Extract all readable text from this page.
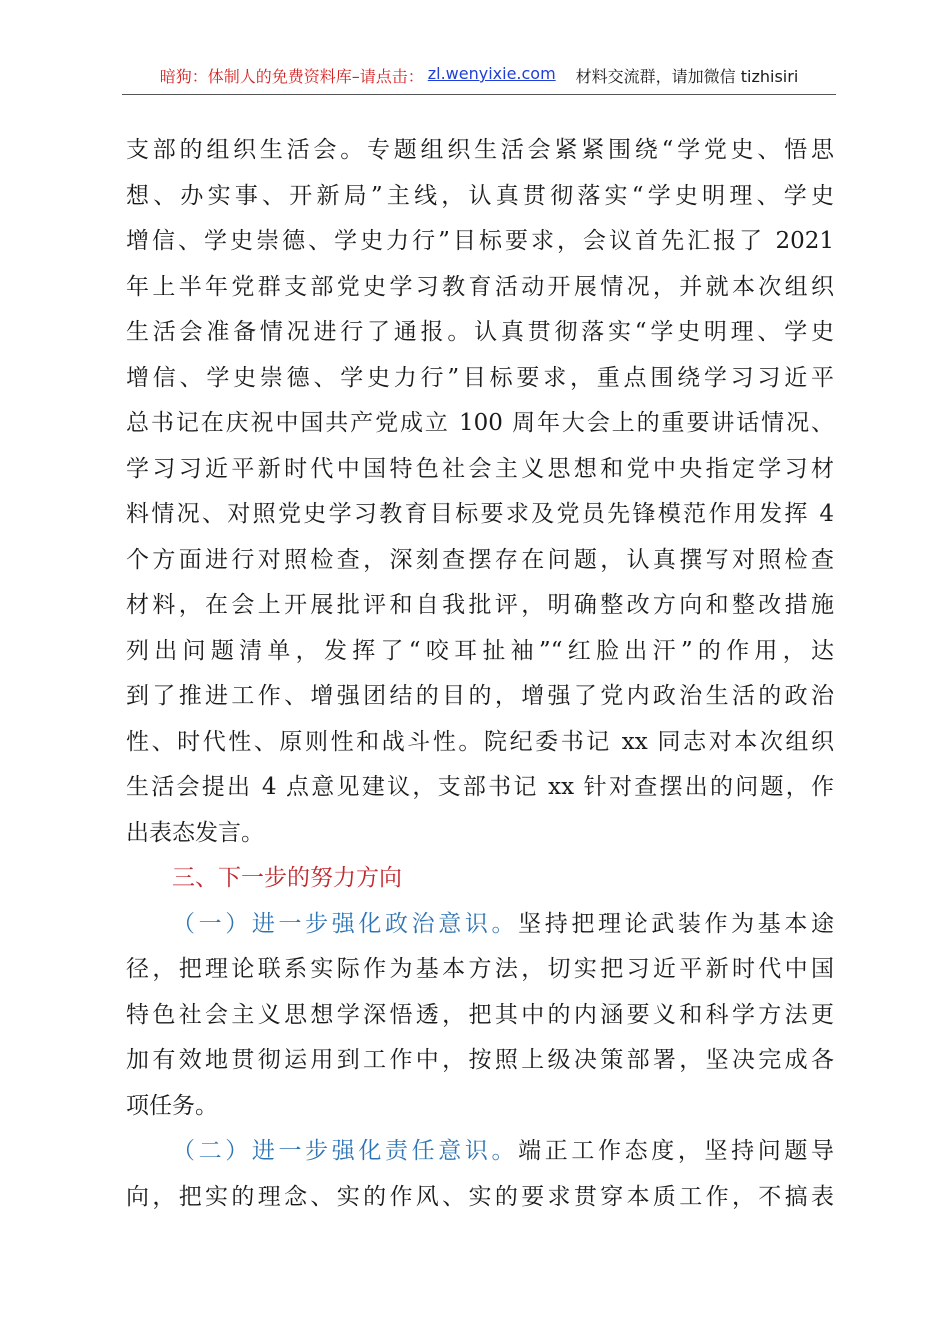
暗狗：体制人的免费资料库 –请点击： zl.wenyixie.com 材料交流群，请加微信 tizhisiri

支部的组织生活会。专题组织生活会紧紧围绕“学党史、悟思

想、办实事、开新局”主线，认真贯彻落实“学史明理、学史

增信、学史崇德、学史力行”目标要求，会议首先汇报了 2021

年上半年党群支部党史学习教育活动开展情况，并就本次组织

生活会准备情况进行了通报。认真贯彻落实“学史明理、学史

增信、学史崇德、学史力行”目标要求，重点围绕学习习近平

总书记在庆祝中国共产党成立 100 周年大会上的重要讲话情况、

学习习近平新时代中国特色社会主义思想和党中央指定学习材

料情况、对照党史学习教育目标要求及党员先锋模范作用发挥 4

个方面进行对照检查，深刻查摆存在问题，认真撰写对照检查

材料，在会上开展批评和自我批评，明确整改方向和整改措施

列出问题清单，发挥了“咬耳扯袖”“红脸出汗”的作用，达

到了推进工作、增强团结的目的，增强了党内政治生活的政治

性、时代性、原则性和战斗性。院纪委书记 xx 同志对本次组织

生活会提出 4 点意见建议，支部书记 xx 针对查摆出的问题，作

出表态发言。

三、下一步的努力方向

（一）进一步强化政治意识。坚持把理论武装作为基本途

径，把理论联系实际作为基本方法，切实把习近平新时代中国

特色社会主义思想学深悟透，把其中的内涵要义和科学方法更

加有效地贯彻运用到工作中，按照上级决策部署，坚决完成各

项任务。

（二）进一步强化责任意识。端正工作态度，坚持问题导

向，把实的理念、实的作风、实的要求贯穿本质工作，不搞表
